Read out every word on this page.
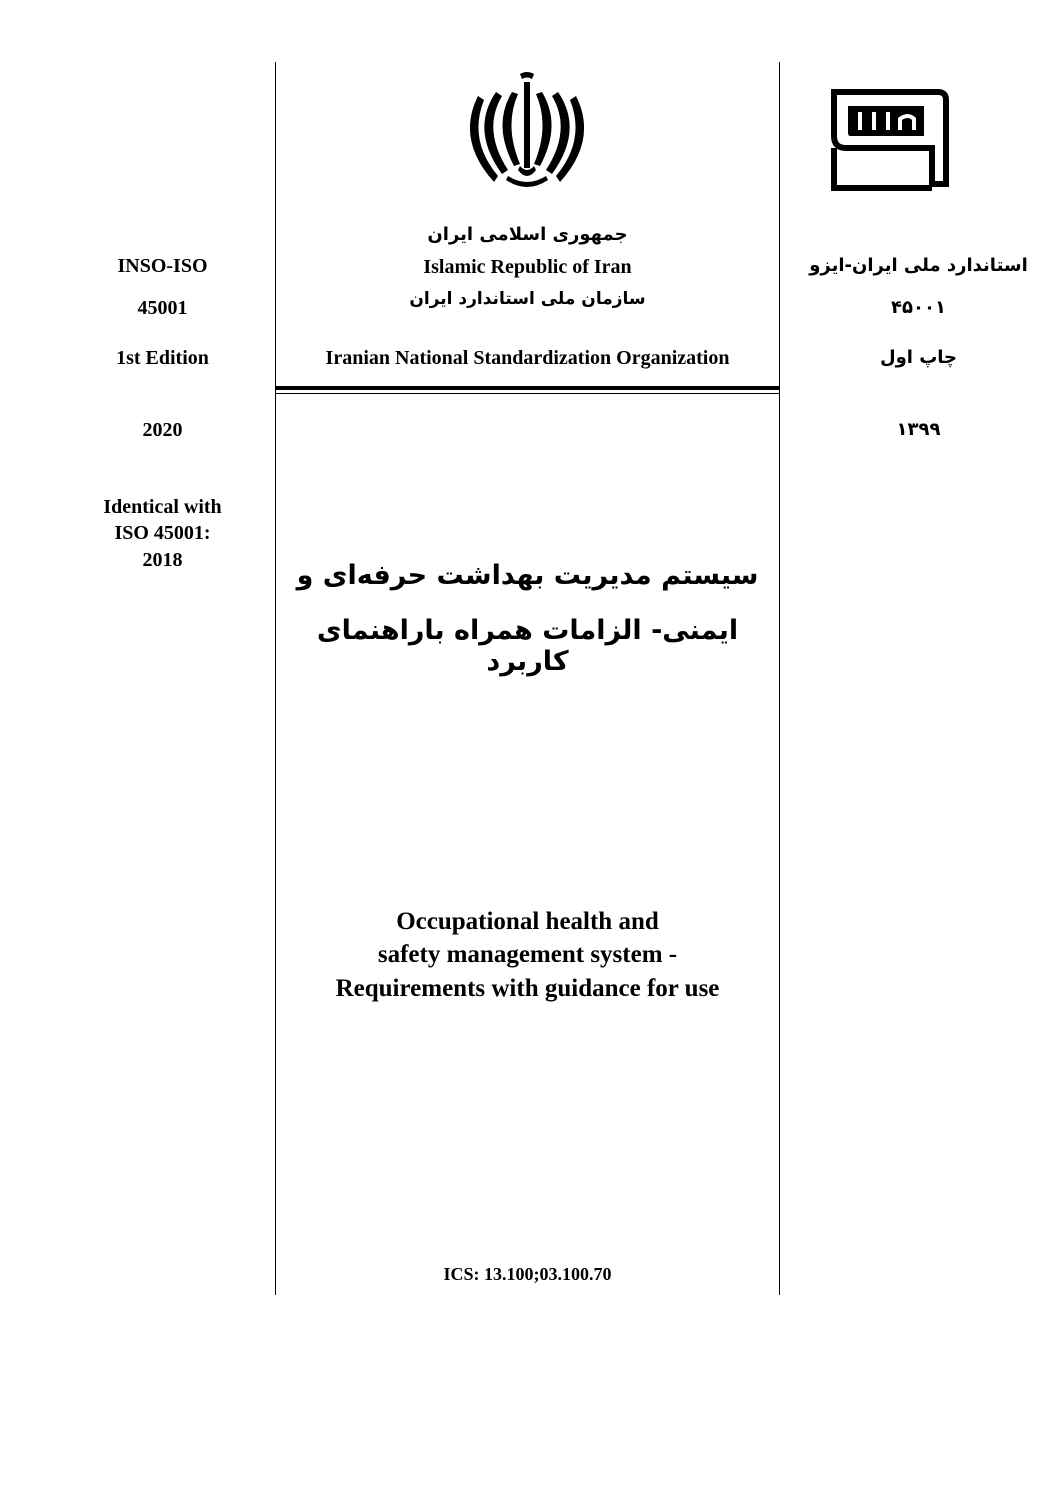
INSO-ISO
45001
1st Edition
2020
Identical with
ISO 45001:
2018
جمهوری اسلامی ایران
Islamic Republic of Iran
سازمان ملی استاندارد ایران
Iranian National Standardization Organization
سیستم مدیریت بهداشت حرفه‌ای و
ایمنی- الزامات همراه باراهنمای کاربرد
Occupational health and
safety management system -
Requirements with guidance for use
ICS: 13.100;03.100.70
استاندارد ملی ایران-ایزو
۴۵۰۰۱
چاپ اول
۱۳۹۹
